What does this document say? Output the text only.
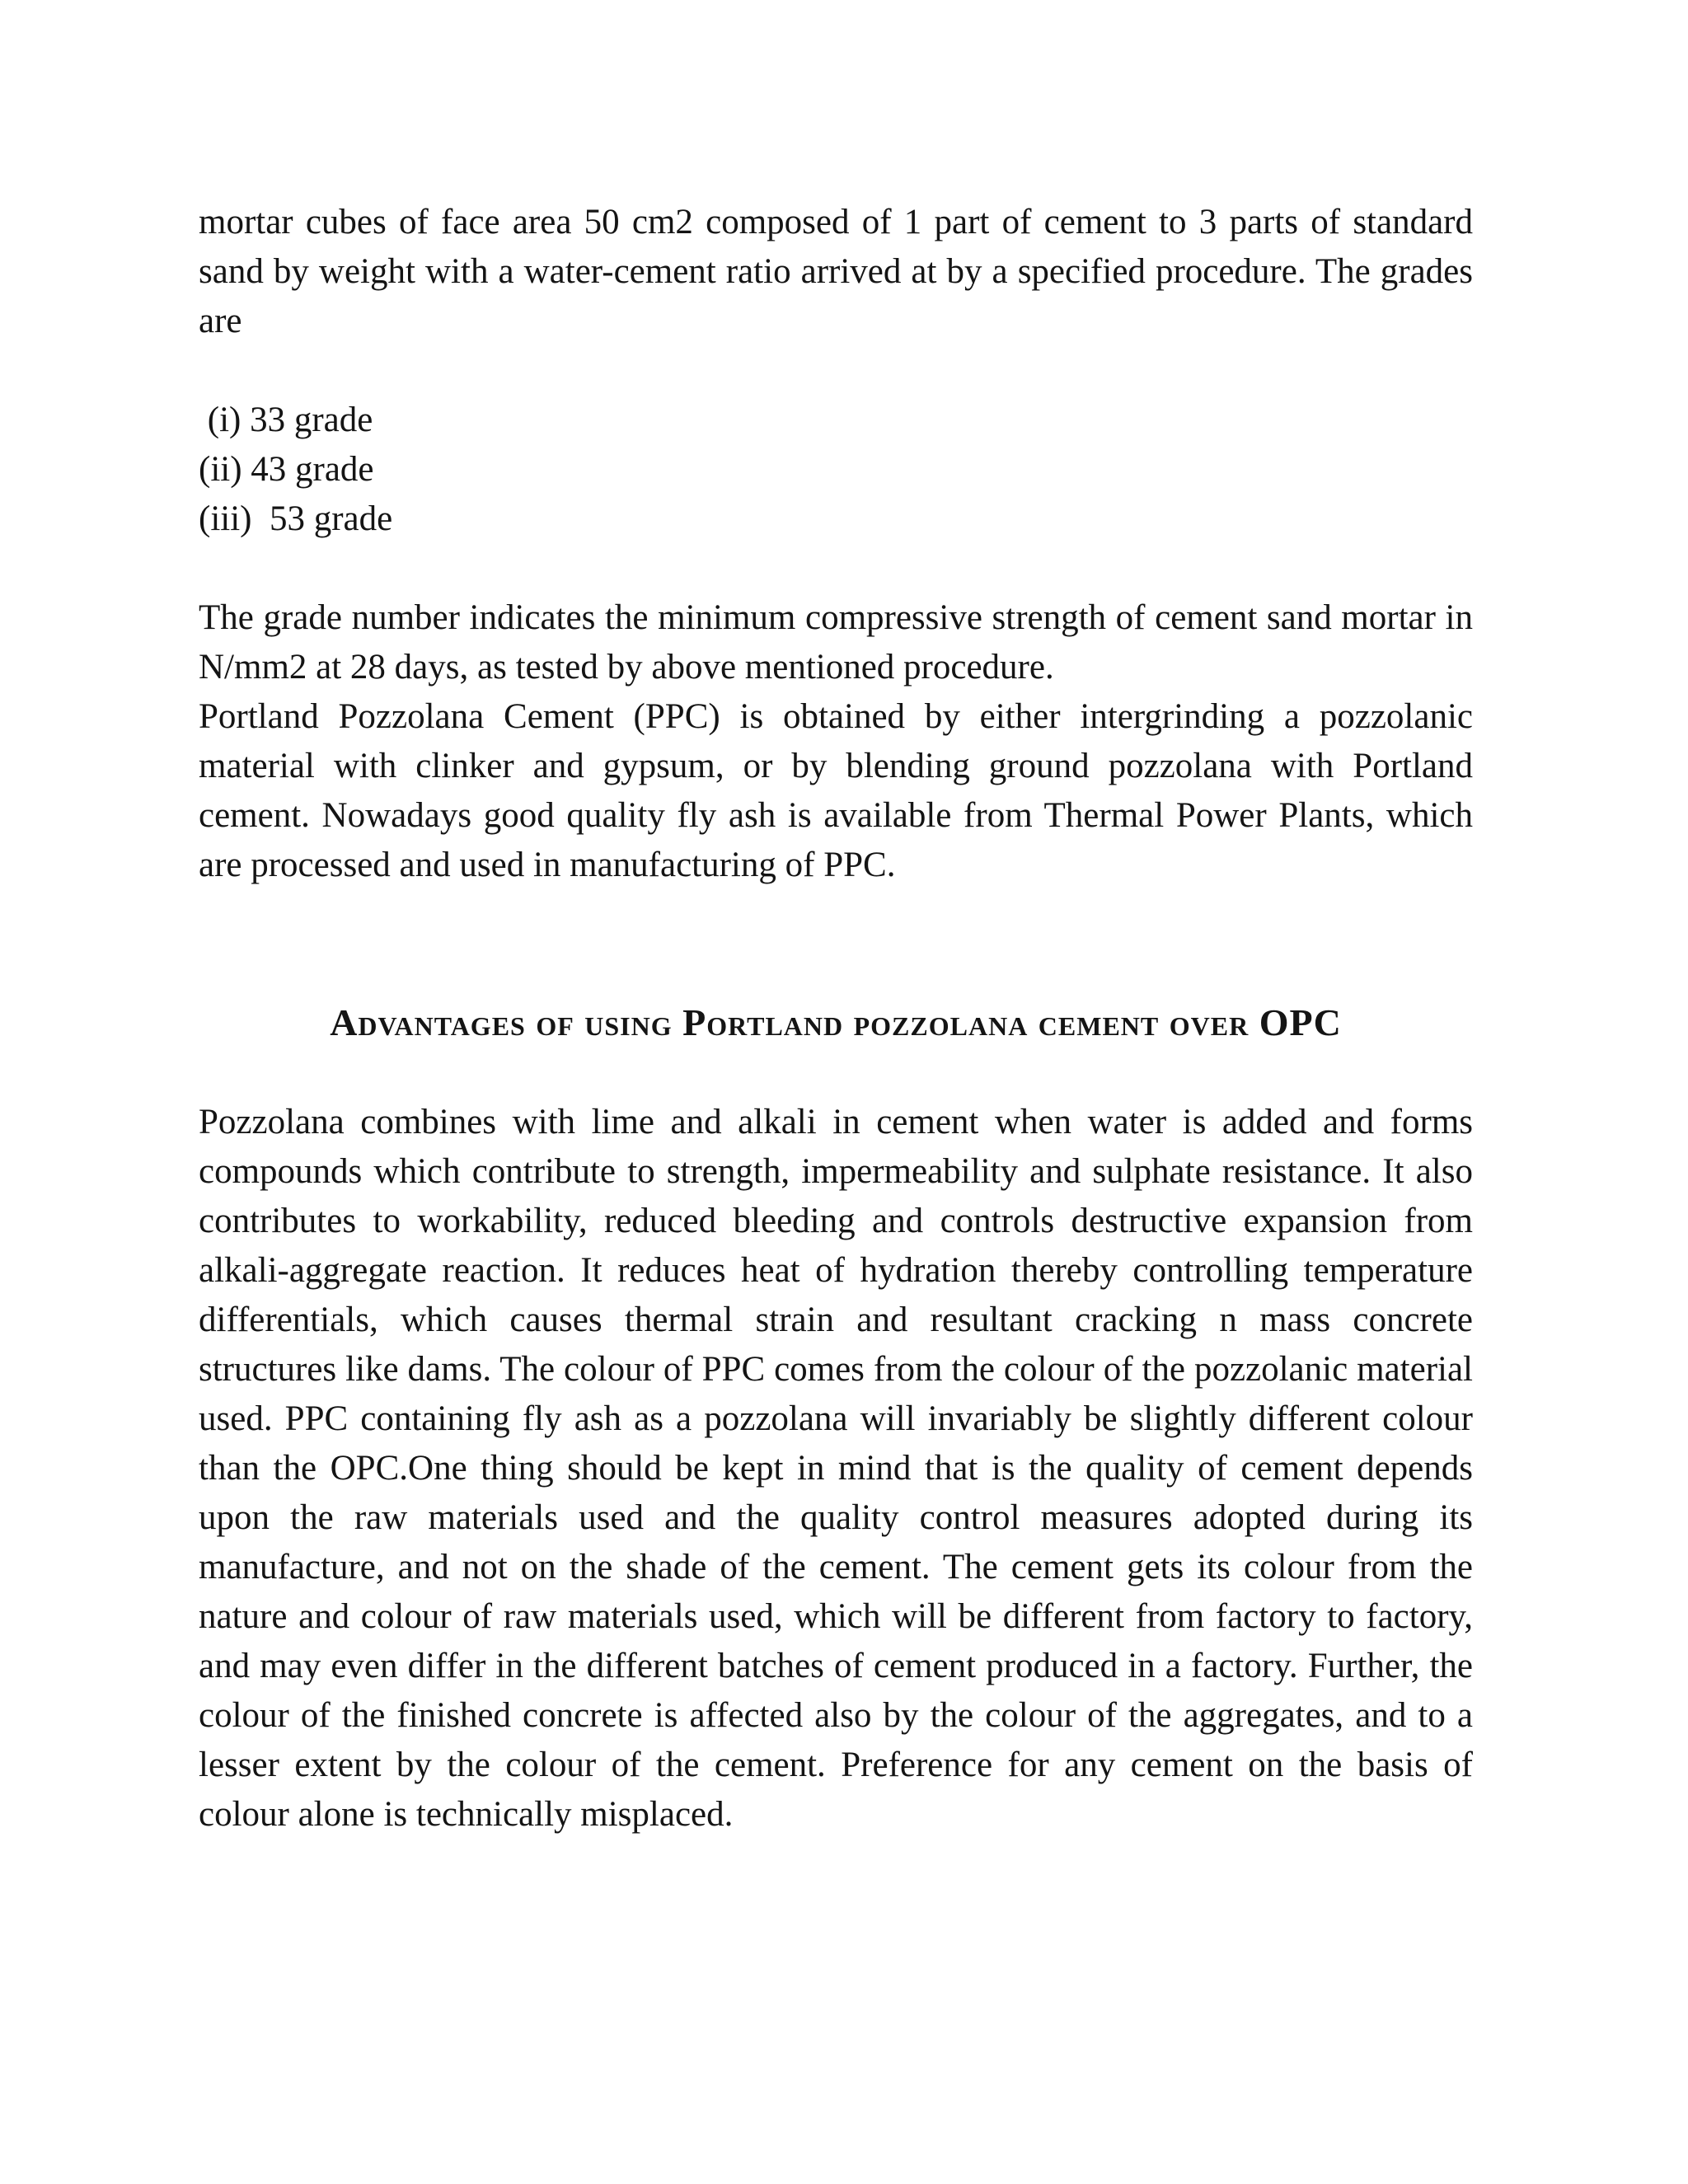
mortar cubes of face area 50 cm2 composed of 1 part of cement to 3 parts of standard sand by weight with a water-cement ratio arrived at by a specified procedure. The grades are

(i) 33 grade
(ii) 43 grade
(iii)  53 grade

The grade number indicates the minimum compressive strength of cement sand mortar in N/mm2 at 28 days, as tested by above mentioned procedure.

Portland Pozzolana Cement (PPC) is obtained by either intergrinding a pozzolanic material with clinker and gypsum, or by blending ground pozzolana with Portland cement. Nowadays good quality fly ash is available from Thermal Power Plants, which are processed and used in manufacturing of PPC.

Advantages of using Portland pozzolana cement over OPC

Pozzolana combines with lime and alkali in cement when water is added and forms compounds which contribute to strength, impermeability and sulphate resistance. It also contributes to workability, reduced bleeding and controls destructive expansion from alkali-aggregate reaction. It reduces heat of hydration thereby controlling temperature differentials, which causes thermal strain and resultant cracking n mass concrete structures like dams. The colour of PPC comes from the colour of the pozzolanic material used. PPC containing fly ash as a pozzolana will invariably be slightly different colour than the OPC.One thing should be kept in mind that is the quality of cement depends upon the raw materials used and the quality control measures adopted during its manufacture, and not on the shade of the cement. The cement gets its colour from the nature and colour of raw materials used, which will be different from factory to factory, and may even differ in the different batches of cement produced in a factory. Further, the colour of the finished concrete is affected also by the colour of the aggregates, and to a lesser extent by the colour of the cement. Preference for any cement on the basis of colour alone is technically misplaced.
